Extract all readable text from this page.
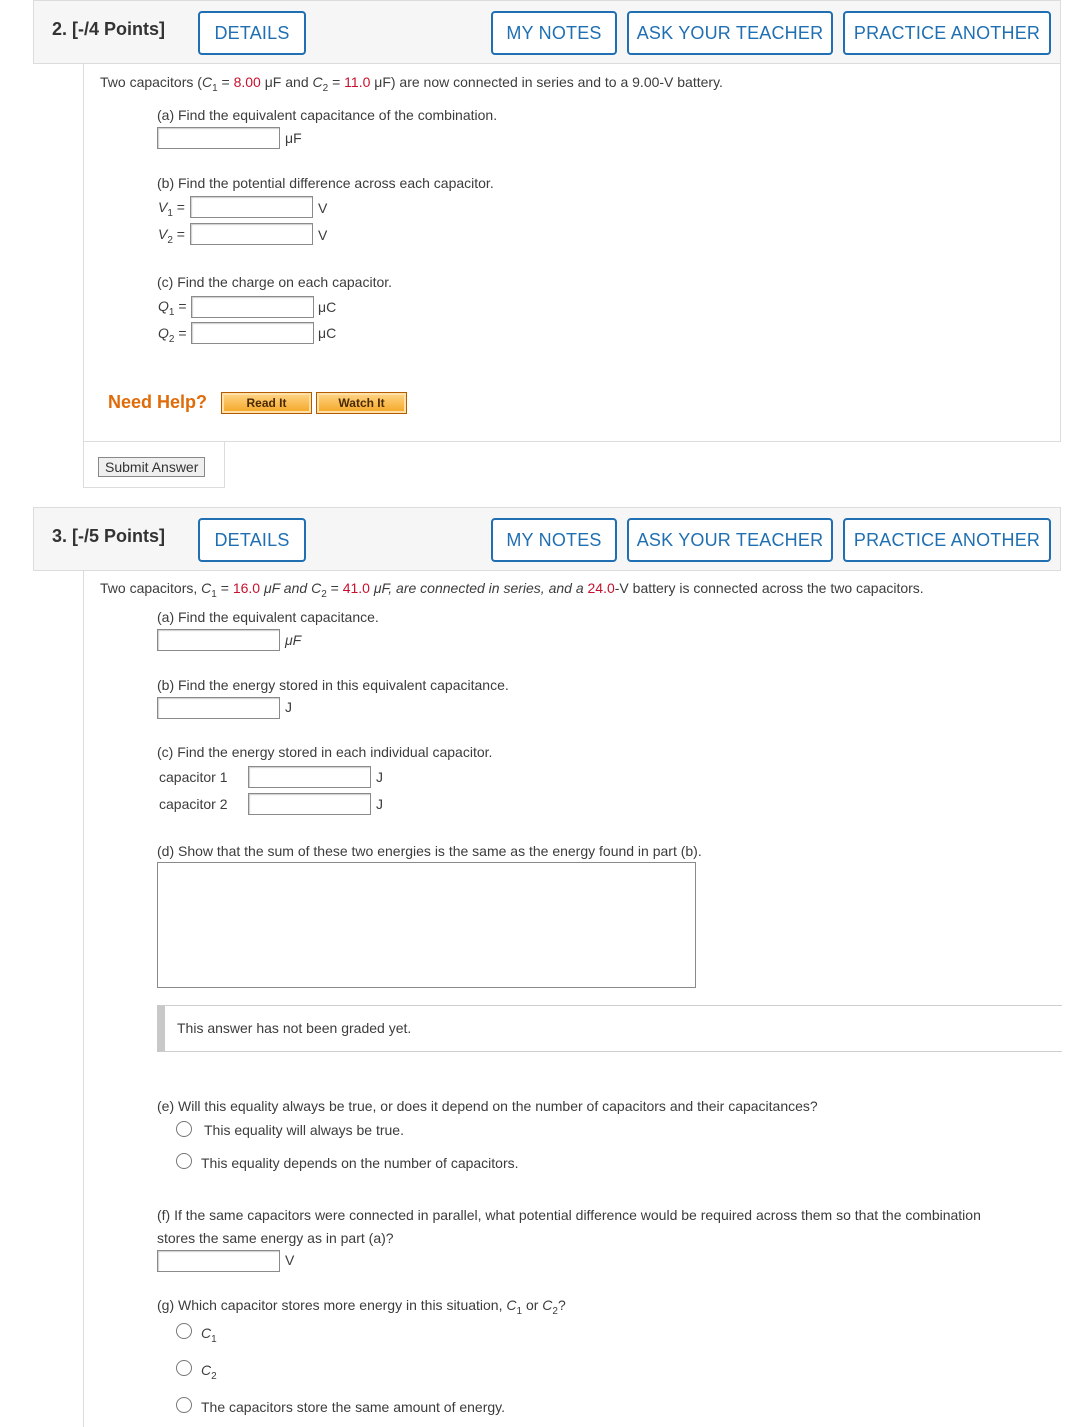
2. [-/4 Points]	DETAILS	MY NOTES	ASK YOUR TEACHER	PRACTICE ANOTHER
Two capacitors ($C_1 = 8.00$ μF and $C_2 = 11.0$ μF) are now connected in series and to a 9.00-V battery.
(a) Find the equivalent capacitance of the combination.
μF
(b) Find the potential difference across each capacitor.
$V_1$ =	V
$V_2$ =	V
(c) Find the charge on each capacitor.
$Q_1$ =	μC
$Q_2$ =	μC
Need Help?	Read It	Watch It
Submit Answer
3. [-/5 Points]	DETAILS	MY NOTES	ASK YOUR TEACHER	PRACTICE ANOTHER
Two capacitors, $C_1 = 16.0$ μF and $C_2 = 41.0$ μF, are connected in series, and a 24.0-V battery is connected across the two capacitors.
(a) Find the equivalent capacitance.
μF
(b) Find the energy stored in this equivalent capacitance.
J
(c) Find the energy stored in each individual capacitor.
capacitor 1	J
capacitor 2	J
(d) Show that the sum of these two energies is the same as the energy found in part (b).
This answer has not been graded yet.
(e) Will this equality always be true, or does it depend on the number of capacitors and their capacitances?
This equality will always be true.
This equality depends on the number of capacitors.
(f) If the same capacitors were connected in parallel, what potential difference would be required across them so that the combination
stores the same energy as in part (a)?
V
(g) Which capacitor stores more energy in this situation, $C_1$ or $C_2$?
$C_1$
$C_2$
The capacitors store the same amount of energy.
